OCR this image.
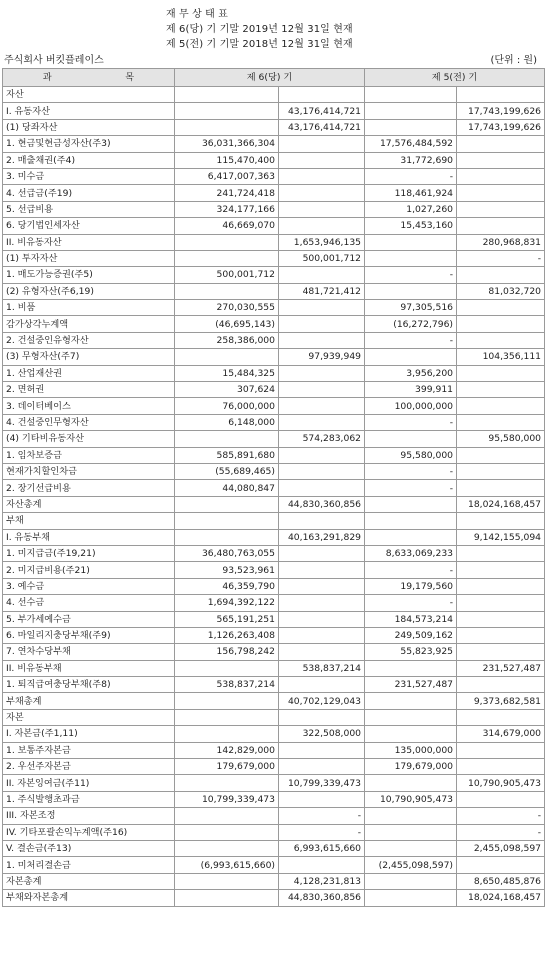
재 무 상 태 표
제 6(당) 기 기말 2019년 12월 31일 현재
제 5(전) 기 기말 2018년 12월 31일 현재
주식회사 버킷플레이스	(단위 : 원)
과 목	제 6(당) 기		제 5(전) 기	
자산				
I. 유동자산		43,176,414,721		17,743,199,626
(1) 당좌자산		43,176,414,721		17,743,199,626
1. 현금및현금성자산(주3)	36,031,366,304		17,576,484,592	
2. 매출채권(주4)	115,470,400		31,772,690	
3. 미수금	6,417,007,363		-	
4. 선급금(주19)	241,724,418		118,461,924	
5. 선급비용	324,177,166		1,027,260	
6. 당기법인세자산	46,669,070		15,453,160	
II. 비유동자산		1,653,946,135		280,968,831
(1) 투자자산		500,001,712		-
1. 매도가능증권(주5)	500,001,712		-	
(2) 유형자산(주6,19)		481,721,412		81,032,720
1. 비품	270,030,555		97,305,516	
감가상각누계액	(46,695,143)		(16,272,796)	
2. 건설중인유형자산	258,386,000		-	
(3) 무형자산(주7)		97,939,949		104,356,111
1. 산업재산권	15,484,325		3,956,200	
2. 면허권	307,624		399,911	
3. 데이터베이스	76,000,000		100,000,000	
4. 건설중인무형자산	6,148,000		-	
(4) 기타비유동자산		574,283,062		95,580,000
1. 임차보증금	585,891,680		95,580,000	
현재가치할인차금	(55,689,465)		-	
2. 장기선급비용	44,080,847		-	
자산총계		44,830,360,856		18,024,168,457
부채				
I. 유동부채		40,163,291,829		9,142,155,094
1. 미지급금(주19,21)	36,480,763,055		8,633,069,233	
2. 미지급비용(주21)	93,523,961		-	
3. 예수금	46,359,790		19,179,560	
4. 선수금	1,694,392,122		-	
5. 부가세예수금	565,191,251		184,573,214	
6. 마일리지충당부채(주9)	1,126,263,408		249,509,162	
7. 연차수당부채	156,798,242		55,823,925	
II. 비유동부채		538,837,214		231,527,487
1. 퇴직급여충당부채(주8)	538,837,214		231,527,487	
부채총계		40,702,129,043		9,373,682,581
자본				
I. 자본금(주1,11)		322,508,000		314,679,000
1. 보통주자본금	142,829,000		135,000,000	
2. 우선주자본금	179,679,000		179,679,000	
II. 자본잉여금(주11)		10,799,339,473		10,790,905,473
1. 주식발행초과금	10,799,339,473		10,790,905,473	
III. 자본조정		-		-
IV. 기타포괄손익누계액(주16)		-		-
V. 결손금(주13)		6,993,615,660		2,455,098,597
1. 미처리결손금	(6,993,615,660)		(2,455,098,597)	
자본총계		4,128,231,813		8,650,485,876
부채와자본총계		44,830,360,856		18,024,168,457
